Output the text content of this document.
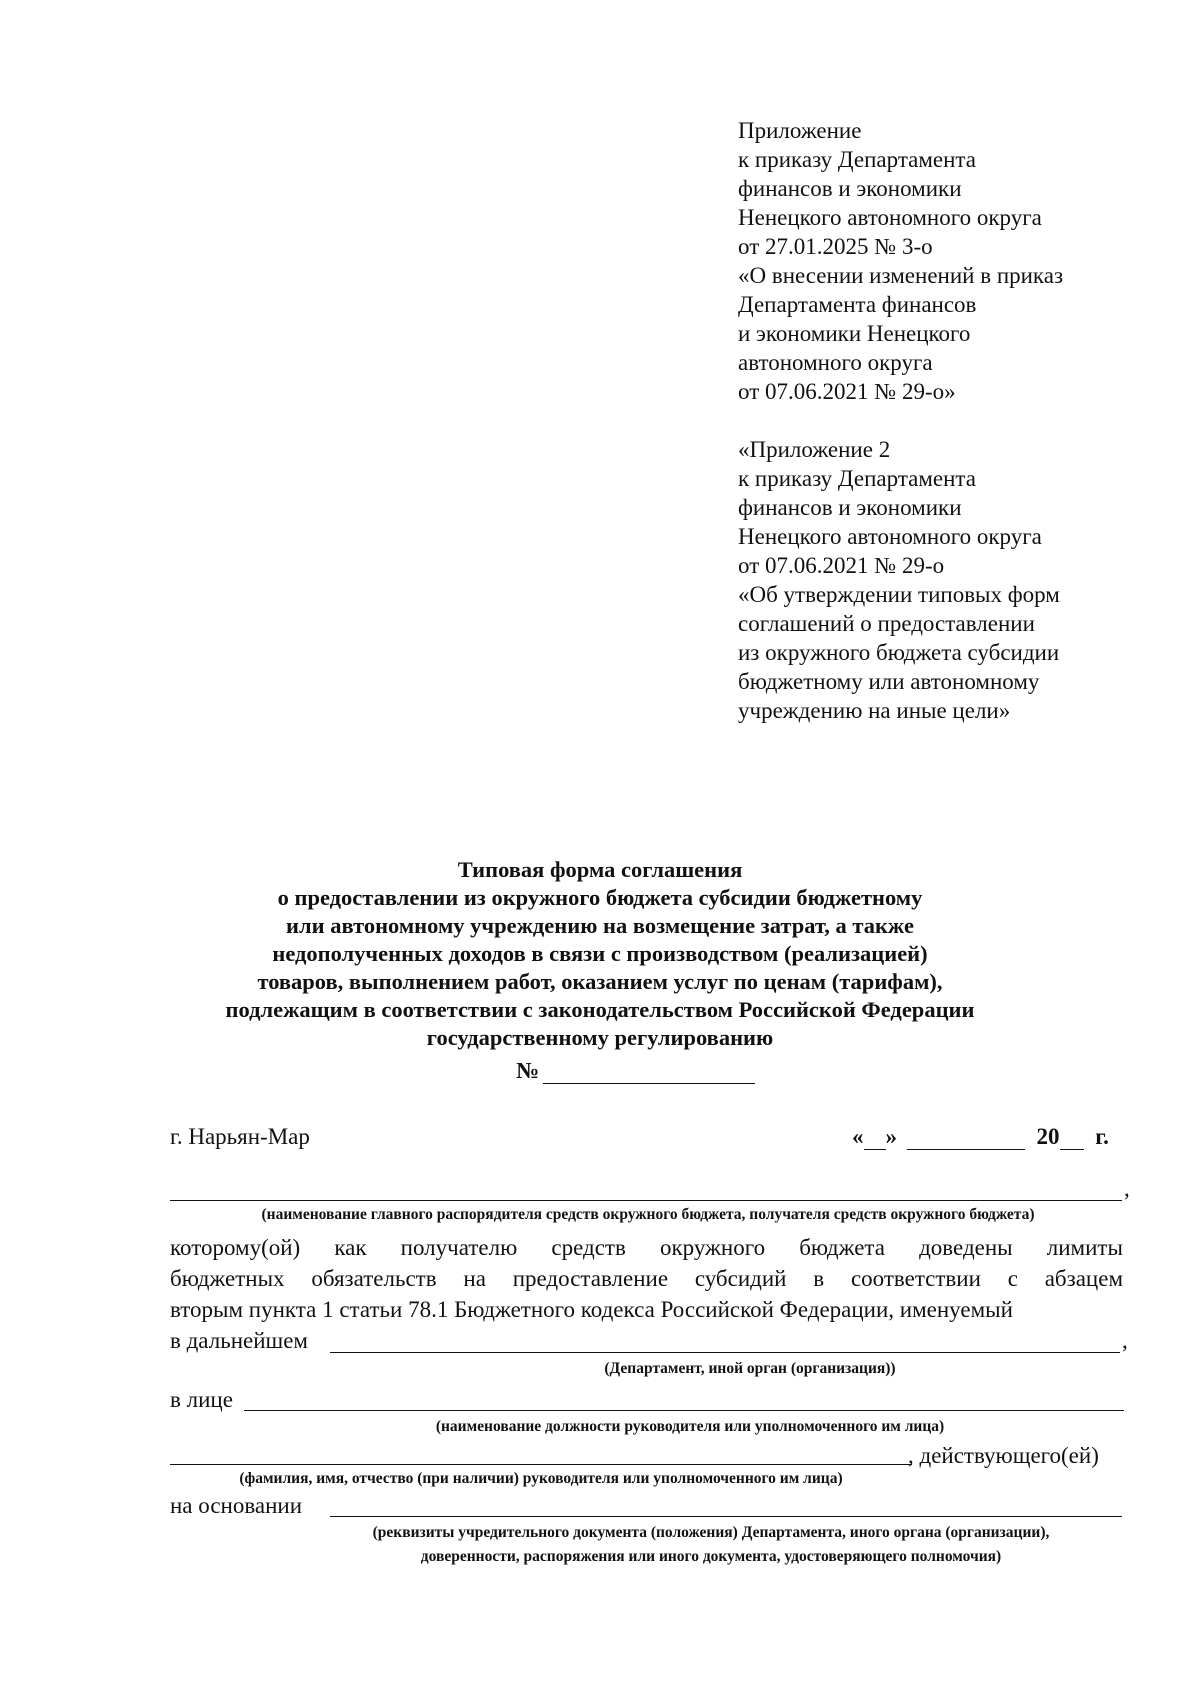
Приложение
к приказу Департамента
финансов и экономики
Ненецкого автономного округа
от 27.01.2025 № 3-о
«О внесении изменений в приказ
Департамента финансов
и экономики Ненецкого
автономного округа
от 07.06.2021 № 29-о»
«Приложение 2
к приказу Департамента
финансов и экономики
Ненецкого автономного округа
от 07.06.2021 № 29-о
«Об утверждении типовых форм
соглашений о предоставлении
из окружного бюджета субсидии
бюджетному или автономному
учреждению на иные цели»
Типовая форма соглашения
о предоставлении из окружного бюджета субсидии бюджетному
или автономному учреждению на возмещение затрат, а также
недополученных доходов в связи с производством (реализацией)
товаров, выполнением работ, оказанием услуг по ценам (тарифам),
подлежащим в соответствии с законодательством Российской Федерации
государственному регулированию
№
г. Нарьян-Мар	« »	20 г.
,
(наименование главного распорядителя средств окружного бюджета, получателя средств окружного бюджета)
которому(ой) как получателю средств окружного бюджета доведены лимиты
бюджетных обязательств на предоставление субсидий в соответствии с абзацем
вторым пункта 1 статьи 78.1 Бюджетного кодекса Российской Федерации, именуемый
в дальнейшем	,
(Департамент, иной орган (организация))
в лице
(наименование должности руководителя или уполномоченного им лица)
, действующего(ей)
(фамилия, имя, отчество (при наличии) руководителя или уполномоченного им лица)
на основании
(реквизиты учредительного документа (положения) Департамента, иного органа (организации),
доверенности, распоряжения или иного документа, удостоверяющего полномочия)
